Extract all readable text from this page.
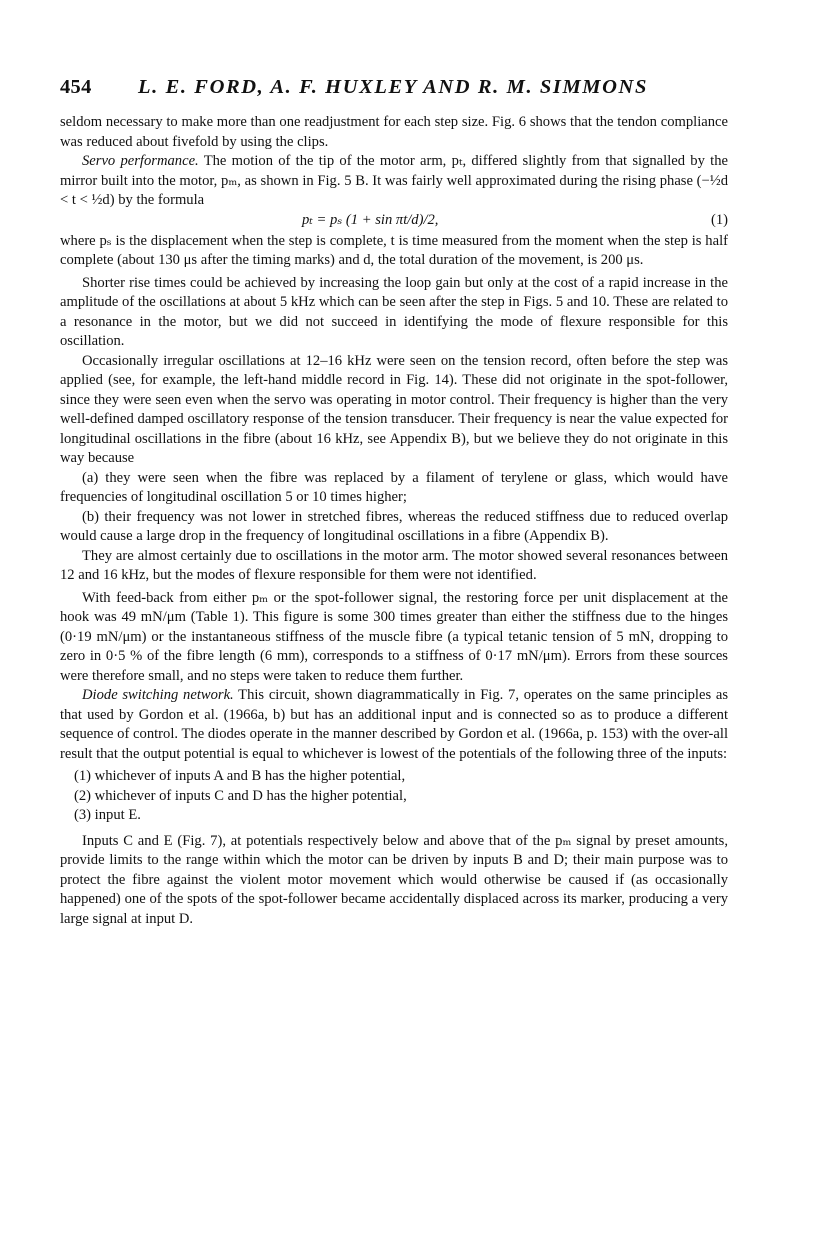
454 L. E. FORD, A. F. HUXLEY AND R. M. SIMMONS

seldom necessary to make more than one readjustment for each step size. Fig. 6 shows that the tendon compliance was reduced about fivefold by using the clips.

Servo performance. The motion of the tip of the motor arm, pₜ, differed slightly from that signalled by the mirror built into the motor, pₘ, as shown in Fig. 5 B. It was fairly well approximated during the rising phase (−½d < t < ½d) by the formula

pₜ = pₛ (1 + sin πt/d)/2,	(1)

where pₛ is the displacement when the step is complete, t is time measured from the moment when the step is half complete (about 130 μs after the timing marks) and d, the total duration of the movement, is 200 μs.

Shorter rise times could be achieved by increasing the loop gain but only at the cost of a rapid increase in the amplitude of the oscillations at about 5 kHz which can be seen after the step in Figs. 5 and 10. These are related to a resonance in the motor, but we did not succeed in identifying the mode of flexure responsible for this oscillation.

Occasionally irregular oscillations at 12–16 kHz were seen on the tension record, often before the step was applied (see, for example, the left-hand middle record in Fig. 14). These did not originate in the spot-follower, since they were seen even when the servo was operating in motor control. Their frequency is higher than the very well-defined damped oscillatory response of the tension transducer. Their frequency is near the value expected for longitudinal oscillations in the fibre (about 16 kHz, see Appendix B), but we believe they do not originate in this way because

(a) they were seen when the fibre was replaced by a filament of terylene or glass, which would have frequencies of longitudinal oscillation 5 or 10 times higher;

(b) their frequency was not lower in stretched fibres, whereas the reduced stiffness due to reduced overlap would cause a large drop in the frequency of longitudinal oscillations in a fibre (Appendix B).

They are almost certainly due to oscillations in the motor arm. The motor showed several resonances between 12 and 16 kHz, but the modes of flexure responsible for them were not identified.

With feed-back from either pₘ or the spot-follower signal, the restoring force per unit displacement at the hook was 49 mN/μm (Table 1). This figure is some 300 times greater than either the stiffness due to the hinges (0·19 mN/μm) or the instantaneous stiffness of the muscle fibre (a typical tetanic tension of 5 mN, dropping to zero in 0·5 % of the fibre length (6 mm), corresponds to a stiffness of 0·17 mN/μm). Errors from these sources were therefore small, and no steps were taken to reduce them further.

Diode switching network. This circuit, shown diagrammatically in Fig. 7, operates on the same principles as that used by Gordon et al. (1966a, b) but has an additional input and is connected so as to produce a different sequence of control. The diodes operate in the manner described by Gordon et al. (1966a, p. 153) with the over-all result that the output potential is equal to whichever is lowest of the potentials of the following three of the inputs:

(1) whichever of inputs A and B has the higher potential,

(2) whichever of inputs C and D has the higher potential,

(3) input E.

Inputs C and E (Fig. 7), at potentials respectively below and above that of the pₘ signal by preset amounts, provide limits to the range within which the motor can be driven by inputs B and D; their main purpose was to protect the fibre against the violent motor movement which would otherwise be caused if (as occasionally happened) one of the spots of the spot-follower became accidentally displaced across its marker, producing a very large signal at input D.
